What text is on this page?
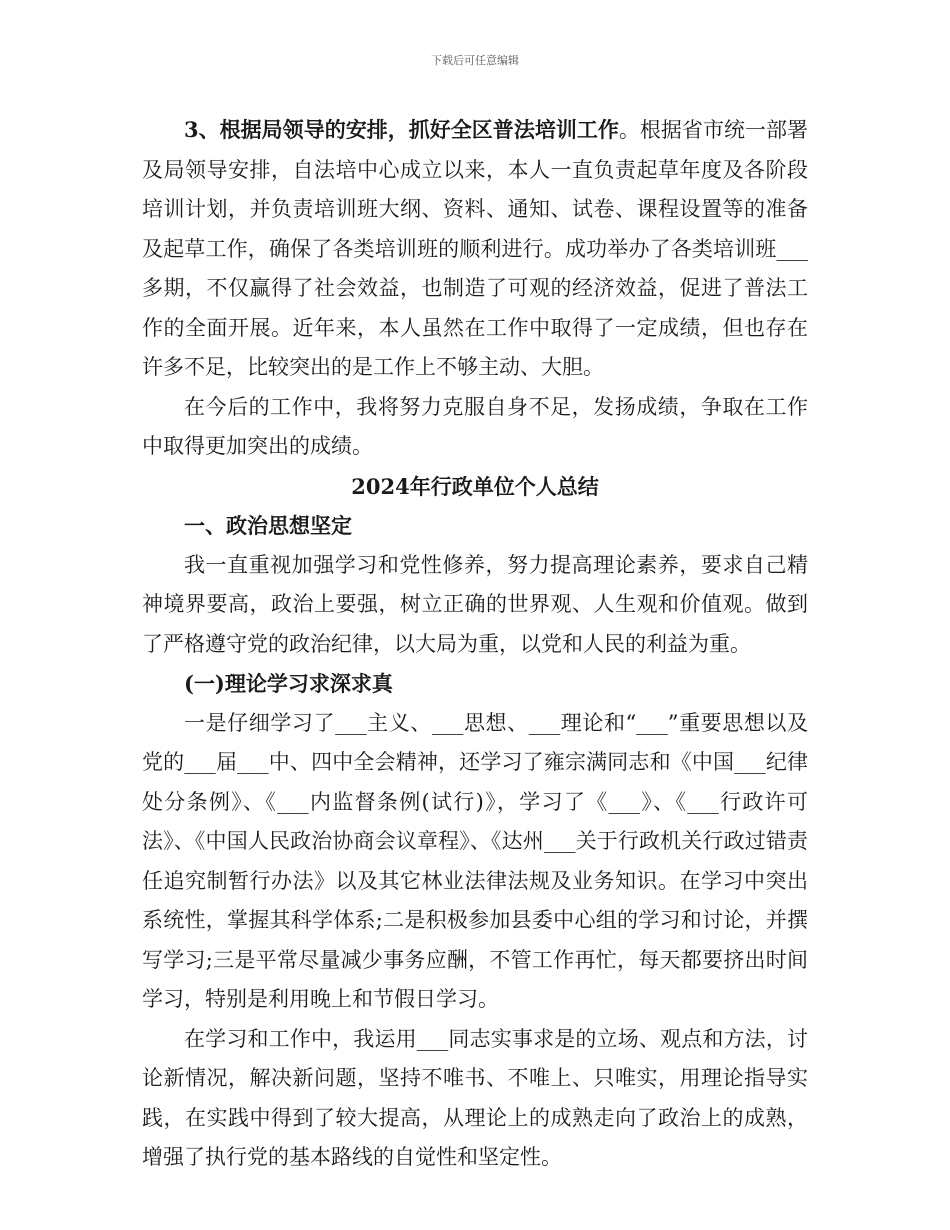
下载后可任意编辑

3、根据局领导的安排，抓好全区普法培训工作。根据省市统一部署及局领导安排，自法培中心成立以来，本人一直负责起草年度及各阶段培训计划，并负责培训班大纲、资料、通知、试卷、课程设置等的准备及起草工作，确保了各类培训班的顺利进行。成功举办了各类培训班___多期，不仅赢得了社会效益，也制造了可观的经济效益，促进了普法工作的全面开展。近年来，本人虽然在工作中取得了一定成绩，但也存在许多不足，比较突出的是工作上不够主动、大胆。

在今后的工作中，我将努力克服自身不足，发扬成绩，争取在工作中取得更加突出的成绩。

2024年行政单位个人总结

一、政治思想坚定

我一直重视加强学习和党性修养，努力提高理论素养，要求自己精神境界要高，政治上要强，树立正确的世界观、人生观和价值观。做到了严格遵守党的政治纪律，以大局为重，以党和人民的利益为重。

(一)理论学习求深求真

一是仔细学习了___主义、___思想、___理论和“___”重要思想以及党的___届___中、四中全会精神，还学习了雍宗满同志和《中国___纪律处分条例》、《___内监督条例(试行)》，学习了《___》、《___行政许可法》、《中国人民政治协商会议章程》、《达州___关于行政机关行政过错责任追究制暂行办法》以及其它林业法律法规及业务知识。在学习中突出系统性，掌握其科学体系;二是积极参加县委中心组的学习和讨论，并撰写学习;三是平常尽量减少事务应酬，不管工作再忙，每天都要挤出时间学习，特别是利用晚上和节假日学习。

在学习和工作中，我运用___同志实事求是的立场、观点和方法，讨论新情况，解决新问题，坚持不唯书、不唯上、只唯实，用理论指导实践，在实践中得到了较大提高，从理论上的成熟走向了政治上的成熟，增强了执行党的基本路线的自觉性和坚定性。
